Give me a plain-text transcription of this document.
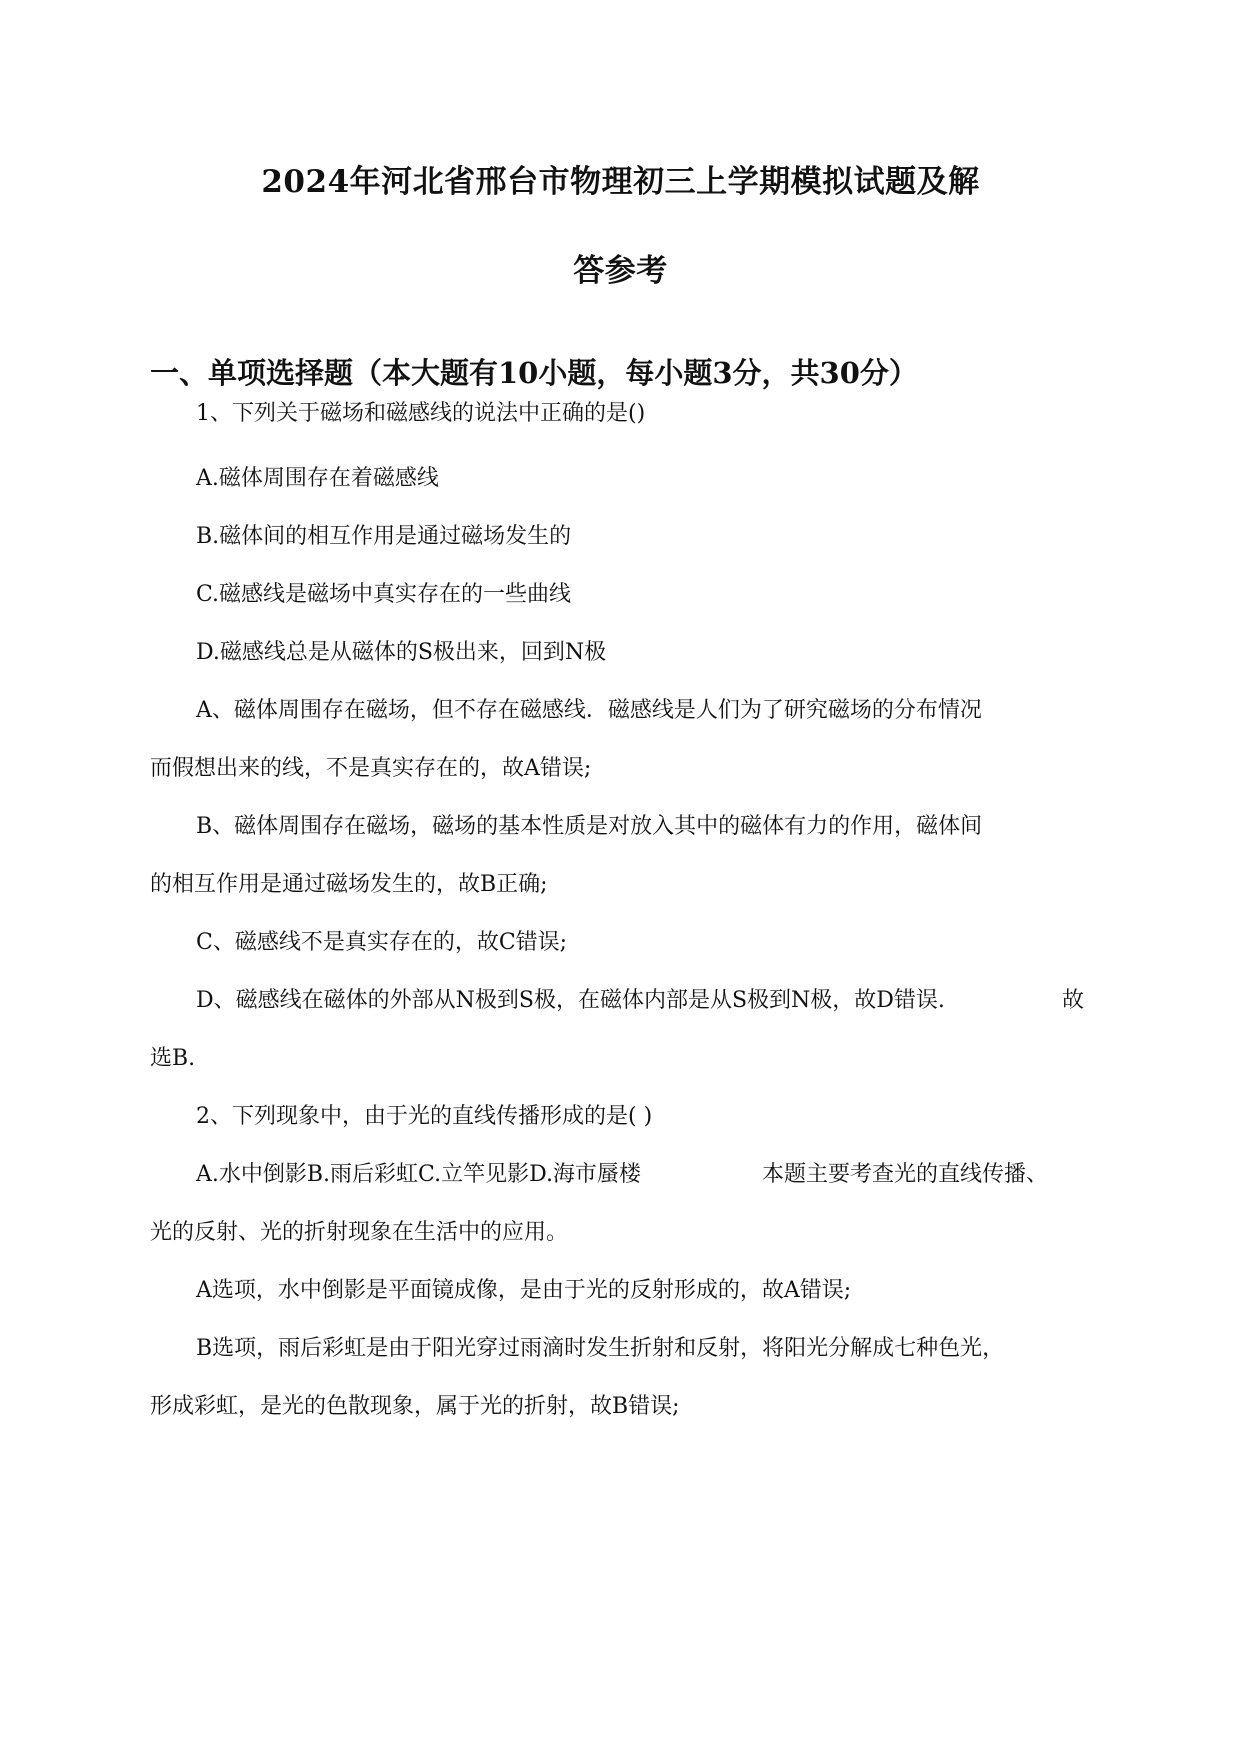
2024年河北省邢台市物理初三上学期模拟试题及解
答参考
一、单项选择题（本大题有10小题，每小题3分，共30分）
1、下列关于磁场和磁感线的说法中正确的是()
A.磁体周围存在着磁感线
B.磁体间的相互作用是通过磁场发生的
C.磁感线是磁场中真实存在的一些曲线
D.磁感线总是从磁体的S极出来，回到N极
A、磁体周围存在磁场，但不存在磁感线．磁感线是人们为了研究磁场的分布情况
而假想出来的线，不是真实存在的，故A错误;
B、磁体周围存在磁场，磁场的基本性质是对放入其中的磁体有力的作用，磁体间
的相互作用是通过磁场发生的，故B正确;
C、磁感线不是真实存在的，故C错误;
D、磁感线在磁体的外部从N极到S极，在磁体内部是从S极到N极，故D错误.	故
选B.
2、下列现象中，由于光的直线传播形成的是( )
A.水中倒影B.雨后彩虹C.立竿见影D.海市蜃楼	本题主要考查光的直线传播、
光的反射、光的折射现象在生活中的应用。
A选项，水中倒影是平面镜成像，是由于光的反射形成的，故A错误;
B选项，雨后彩虹是由于阳光穿过雨滴时发生折射和反射，将阳光分解成七种色光，
形成彩虹，是光的色散现象，属于光的折射，故B错误;
